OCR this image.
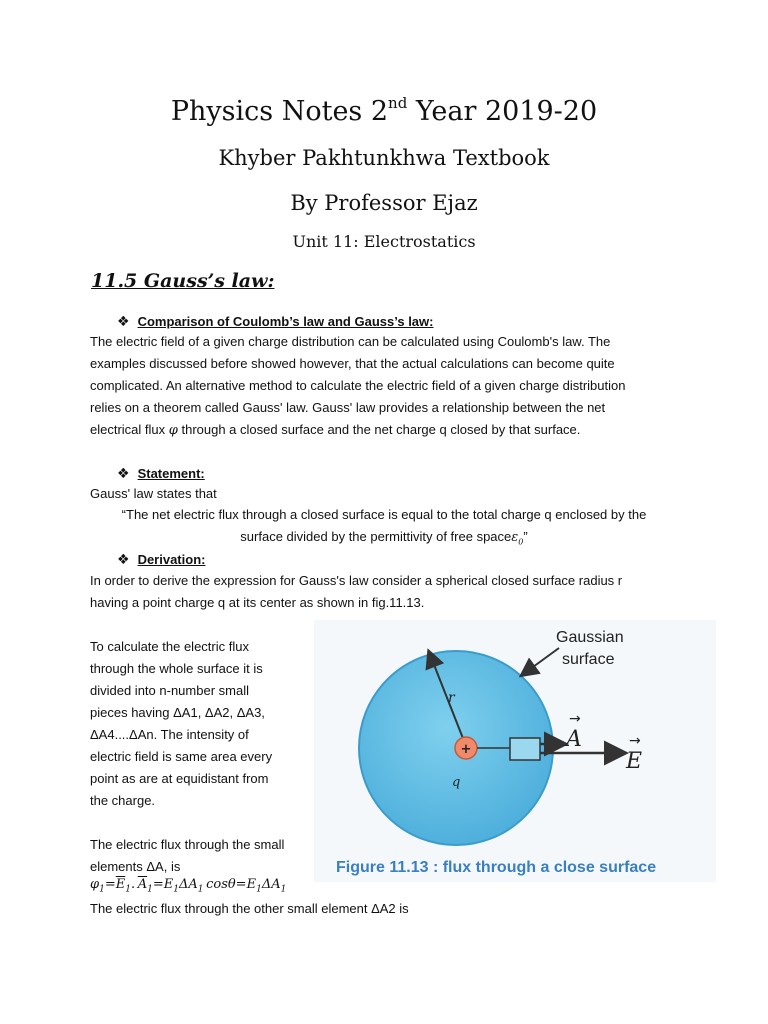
Physics Notes 2nd Year 2019-20
Khyber Pakhtunkhwa Textbook
By Professor Ejaz
Unit 11: Electrostatics
11.5 Gauss’s law:
❖ Comparison of Coulomb’s law and Gauss’s law:
The electric field of a given charge distribution can be calculated using Coulomb's law. The
examples discussed before showed however, that the actual calculations can become quite
complicated. An alternative method to calculate the electric field of a given charge distribution
relies on a theorem called Gauss' law. Gauss' law provides a relationship between the net
electrical flux φ through a closed surface and the net charge q closed by that surface.
❖ Statement:
Gauss' law states that
“The net electric flux through a closed surface is equal to the total charge q enclosed by the
surface divided by the permittivity of free spaceε$_0$”
❖ Derivation:
In order to derive the expression for Gauss's law consider a spherical closed surface radius r
having a point charge q at its center as shown in fig.11.13.
To calculate the electric flux
through the whole surface it is
divided into n-number small
pieces having ΔA1, ΔA2, ΔA3,
ΔA4....ΔAn. The intensity of
electric field is same area every
point as are at equidistant from
the charge.
The electric flux through the small
elements ΔA, is
$\varphi_1=\overline{E}_1$. $\overline{A}_1=E_1\Delta A_1$ $\cos\theta=E_1\Delta A_1$
The electric flux through the other small element ΔA2 is
r
+
q
A
→
E
→
Gaussian
surface
Figure 11.13 : flux through a close surface
